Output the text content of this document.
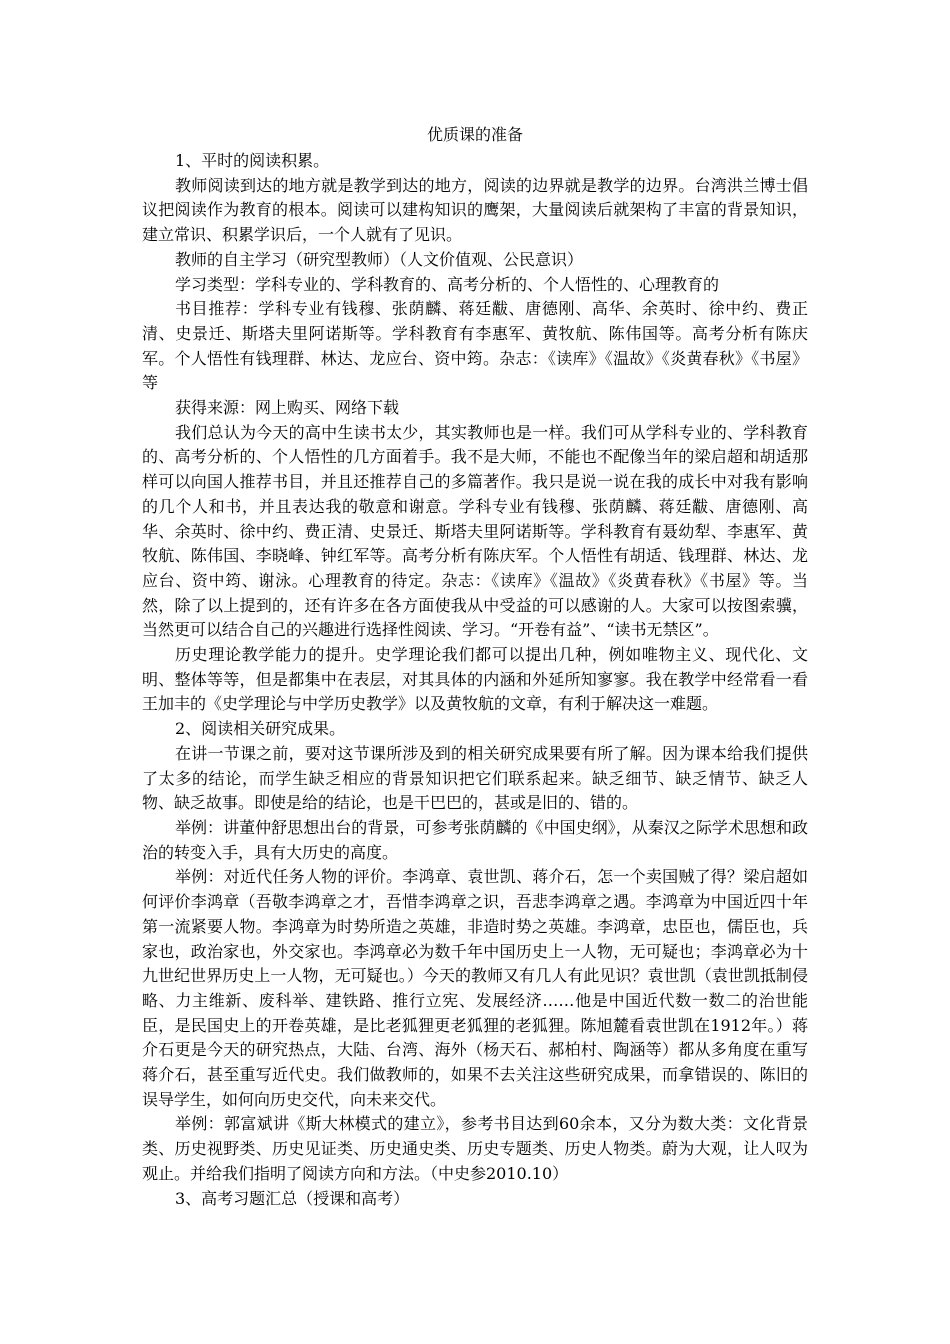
优质课的准备

1、平时的阅读积累。

教师阅读到达的地方就是教学到达的地方，阅读的边界就是教学的边界。台湾洪兰博士倡议把阅读作为教育的根本。阅读可以建构知识的鹰架，大量阅读后就架构了丰富的背景知识，建立常识、积累学识后，一个人就有了见识。

教师的自主学习（研究型教师）（人文价值观、公民意识）

学习类型：学科专业的、学科教育的、高考分析的、个人悟性的、心理教育的

书目推荐：学科专业有钱穆、张荫麟、蒋廷黻、唐德刚、高华、余英时、徐中约、费正清、史景迁、斯塔夫里阿诺斯等。学科教育有李惠军、黄牧航、陈伟国等。高考分析有陈庆军。个人悟性有钱理群、林达、龙应台、资中筠。杂志：《读库》《温故》《炎黄春秋》《书屋》等

获得来源：网上购买、网络下载

我们总认为今天的高中生读书太少，其实教师也是一样。我们可从学科专业的、学科教育的、高考分析的、个人悟性的几方面着手。我不是大师，不能也不配像当年的梁启超和胡适那样可以向国人推荐书目，并且还推荐自己的多篇著作。我只是说一说在我的成长中对我有影响的几个人和书，并且表达我的敬意和谢意。学科专业有钱穆、张荫麟、蒋廷黻、唐德刚、高华、余英时、徐中约、费正清、史景迁、斯塔夫里阿诺斯等。学科教育有聂幼犁、李惠军、黄牧航、陈伟国、李晓峰、钟红军等。高考分析有陈庆军。个人悟性有胡适、钱理群、林达、龙应台、资中筠、谢泳。心理教育的待定。杂志：《读库》《温故》《炎黄春秋》《书屋》等。当然，除了以上提到的，还有许多在各方面使我从中受益的可以感谢的人。大家可以按图索骥，当然更可以结合自己的兴趣进行选择性阅读、学习。“开卷有益”、“读书无禁区”。

历史理论教学能力的提升。史学理论我们都可以提出几种，例如唯物主义、现代化、文明、整体等等，但是都集中在表层，对其具体的内涵和外延所知寥寥。我在教学中经常看一看王加丰的《史学理论与中学历史教学》以及黄牧航的文章，有利于解决这一难题。

2、阅读相关研究成果。

在讲一节课之前，要对这节课所涉及到的相关研究成果要有所了解。因为课本给我们提供了太多的结论，而学生缺乏相应的背景知识把它们联系起来。缺乏细节、缺乏情节、缺乏人物、缺乏故事。即使是给的结论，也是干巴巴的，甚或是旧的、错的。

举例：讲董仲舒思想出台的背景，可参考张荫麟的《中国史纲》，从秦汉之际学术思想和政治的转变入手，具有大历史的高度。

举例：对近代任务人物的评价。李鸿章、袁世凯、蒋介石，怎一个卖国贼了得？梁启超如何评价李鸿章（吾敬李鸿章之才，吾惜李鸿章之识，吾悲李鸿章之遇。李鸿章为中国近四十年第一流紧要人物。李鸿章为时势所造之英雄，非造时势之英雄。李鸿章，忠臣也，儒臣也，兵家也，政治家也，外交家也。李鸿章必为数千年中国历史上一人物，无可疑也；李鸿章必为十九世纪世界历史上一人物，无可疑也。）今天的教师又有几人有此见识？袁世凯（袁世凯抵制侵略、力主维新、废科举、建铁路、推行立宪、发展经济……他是中国近代数一数二的治世能臣，是民国史上的开卷英雄，是比老狐狸更老狐狸的老狐狸。陈旭麓看袁世凯在1912年。）蒋介石更是今天的研究热点，大陆、台湾、海外（杨天石、郝柏村、陶涵等）都从多角度在重写蒋介石，甚至重写近代史。我们做教师的，如果不去关注这些研究成果，而拿错误的、陈旧的误导学生，如何向历史交代，向未来交代。

举例：郭富斌讲《斯大林模式的建立》，参考书目达到60余本，又分为数大类：文化背景类、历史视野类、历史见证类、历史通史类、历史专题类、历史人物类。蔚为大观，让人叹为观止。并给我们指明了阅读方向和方法。（中史参2010.10）

3、高考习题汇总（授课和高考）
